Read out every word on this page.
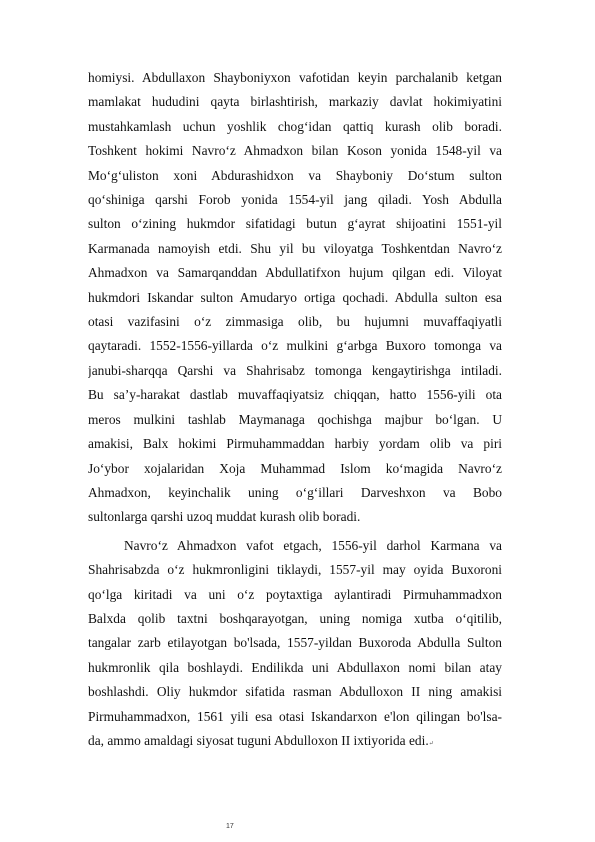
homiysi. Abdullaxon Shayboniyxon vafotidan keyin parchalanib ketgan
mamlakat hududini qayta birlashtirish, markaziy davlat hokimiyatini
mustahkamlash uchun yoshlik chog‘idan qattiq kurash olib boradi.
Toshkent hokimi Navro‘z Ahmadxon bilan Koson yonida 1548-yil va
Mo‘g‘uliston xoni Abdurashidxon va Shayboniy Do‘stum sulton
qo‘shiniga qarshi Forob yonida 1554-yil jang qiladi. Yosh Abdulla
sulton o‘zining hukmdor sifatidagi butun g‘ayrat shijoatini 1551-yil
Karmanada namoyish etdi. Shu yil bu viloyatga Toshkentdan Navro‘z
Ahmadxon va Samarqanddan Abdullatifxon hujum qilgan edi. Viloyat
hukmdori Iskandar sulton Amudaryo ortiga qochadi. Abdulla sulton esa
otasi vazifasini o‘z zimmasiga olib, bu hujumni muvaffaqiyatli
qaytaradi. 1552-1556-yillarda o‘z mulkini g‘arbga Buxoro tomonga va
janubi-sharqqa Qarshi va Shahrisabz tomonga kengaytirishga intiladi.
Bu sa’y-harakat dastlab muvaffaqiyatsiz chiqqan, hatto 1556-yili ota
meros mulkini tashlab Maymanaga qochishga majbur bo‘lgan. U
amakisi, Balx hokimi Pirmuhammaddan harbiy yordam olib va piri
Jo‘ybor xojalaridan Xoja Muhammad Islom ko‘magida Navro‘z
Ahmadxon, keyinchalik uning o‘g‘illari Darveshxon va Bobo
sultonlarga qarshi uzoq muddat kurash olib boradi.

Navro‘z Ahmadxon vafot etgach, 1556-yil darhol Karmana va
Shahrisabzda o‘z hukmronligini tiklaydi, 1557-yil may oyida Buxoroni
qo‘lga kiritadi va uni o‘z poytaxtiga aylantiradi Pirmuhammadxon
Balxda qolib taxtni boshqarayotgan, uning nomiga xutba o‘qitilib,
tangalar zarb etilayotgan bo'lsada, 1557-yildan Buxoroda Abdulla Sulton
hukmronlik qila boshlaydi. Endilikda uni Abdullaxon nomi bilan atay
boshlashdi. Oliy hukmdor sifatida rasman Abdulloxon II ning amakisi
Pirmuhammadxon, 1561 yili esa otasi Iskandarxon e'lon qilingan bo'lsa-
da, ammo amaldagi siyosat tuguni Abdulloxon II ixtiyorida edi.↵

17
